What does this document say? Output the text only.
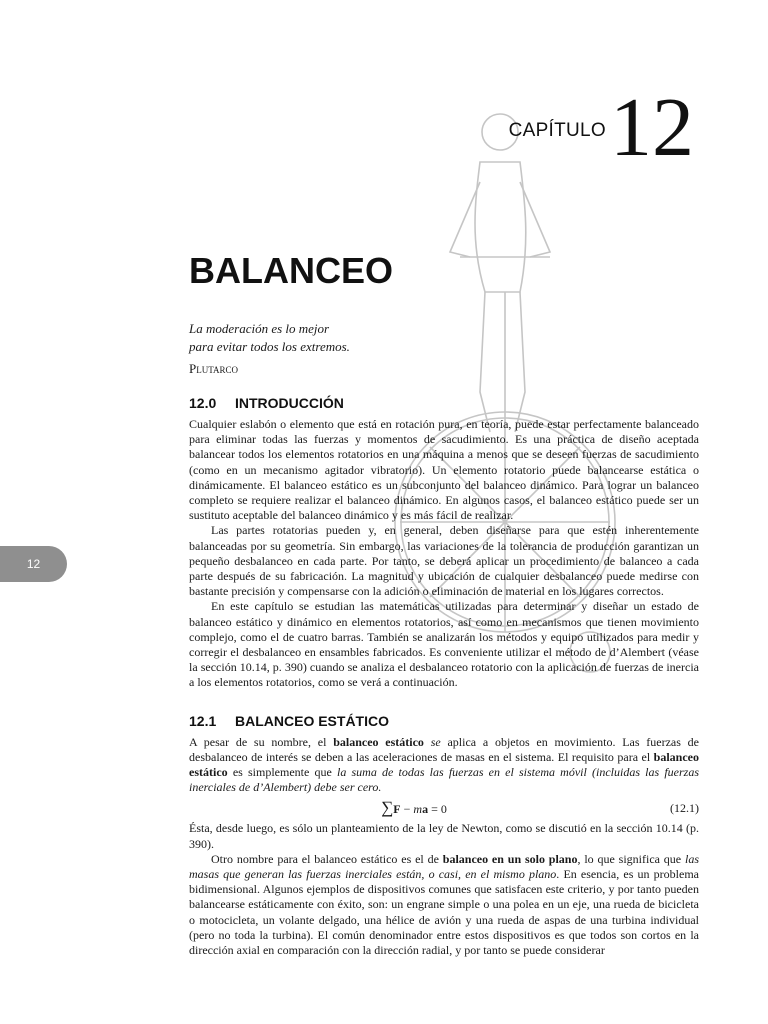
CAPÍTULO 12
BALANCEO
La moderación es lo mejor
para evitar todos los extremos.
Plutarco
12
12.0 INTRODUCCIÓN

Cualquier eslabón o elemento que está en rotación pura, en teoría, puede estar perfectamente balanceado para eliminar todas las fuerzas y momentos de sacudimiento. Es una práctica de diseño aceptada balancear todos los elementos rotatorios en una máquina a menos que se deseen fuerzas de sacudimiento (como en un mecanismo agitador vibratorio). Un elemento rotatorio puede balancearse estática o dinámicamente. El balanceo estático es un subconjunto del balanceo dinámico. Para lograr un balanceo completo se requiere realizar el balanceo dinámico. En algunos casos, el balanceo estático puede ser un sustituto aceptable del balanceo dinámico y es más fácil de realizar.

Las partes rotatorias pueden y, en general, deben diseñarse para que estén inherentemente balanceadas por su geometría. Sin embargo, las variaciones de la tolerancia de producción garantizan un pequeño desbalanceo en cada parte. Por tanto, se deberá aplicar un procedimiento de balanceo a cada parte después de su fabricación. La magnitud y ubicación de cualquier desbalanceo puede medirse con bastante precisión y compensarse con la adición o eliminación de material en los lugares correctos.

En este capítulo se estudian las matemáticas utilizadas para determinar y diseñar un estado de balanceo estático y dinámico en elementos rotatorios, así como en mecanismos que tienen movimiento complejo, como el de cuatro barras. También se analizarán los métodos y equipo utilizados para medir y corregir el desbalanceo en ensambles fabricados. Es conveniente utilizar el método de d’Alembert (véase la sección 10.14, p. 390) cuando se analiza el desbalanceo rotatorio con la aplicación de fuerzas de inercia a los elementos rotatorios, como se verá a continuación.

12.1 BALANCEO ESTÁTICO

A pesar de su nombre, el balanceo estático se aplica a objetos en movimiento. Las fuerzas de desbalanceo de interés se deben a las aceleraciones de masas en el sistema. El requisito para el balanceo estático es simplemente que la suma de todas las fuerzas en el sistema móvil (incluidas las fuerzas inerciales de d’Alembert) debe ser cero.

∑F − ma = 0	(12.1)

Ésta, desde luego, es sólo un planteamiento de la ley de Newton, como se discutió en la sección 10.14 (p. 390).

Otro nombre para el balanceo estático es el de balanceo en un solo plano, lo que significa que las masas que generan las fuerzas inerciales están, o casi, en el mismo plano. En esencia, es un problema bidimensional. Algunos ejemplos de dispositivos comunes que satisfacen este criterio, y por tanto pueden balancearse estáticamente con éxito, son: un engrane simple o una polea en un eje, una rueda de bicicleta o motocicleta, un volante delgado, una hélice de avión y una rueda de aspas de una turbina individual (pero no toda la turbina). El común denominador entre estos dispositivos es que todos son cortos en la dirección axial en comparación con la dirección radial, y por tanto se puede considerar
